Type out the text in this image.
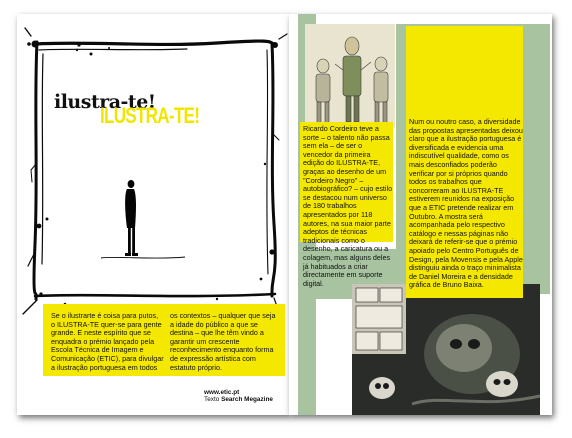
ilustra-te!
ILUSTRA-TE!
Se o ilustrarte é coisa para putos, o ILUSTRA-TE quer-se para gente grande. E neste espírito que se enquadra o prémio lançado pela Escola Técnica de Imagem e Comunicação (ETIC), para divulgar a ilustração portuguesa em todos
os contextos – qualquer que seja a idade do público a que se destina – que lhe têm vindo a garantir um crescente reconhecimento enquanto forma de expressão artística com estatuto próprio.
www.etic.pt
Texto Search Megazine
Ricardo Cordeiro teve a sorte – o talento não passa sem ela – de ser o vencedor da primeira edição do ILUSTRA-TE, graças ao desenho de um "Cordeiro Negro" – autobiográfico? – cujo estilo se destacou num universo de 180 trabalhos apresentados por 118 autores, na sua maior parte adeptos de técnicas tradicionais como o desenho, a caricatura ou a colagem, mas alguns deles já habituados a criar directamente em suporte digital.
Num ou noutro caso, a diversidade das propostas apresentadas deixou claro que a ilustração portuguesa é diversificada e evidencia uma indiscutível qualidade, como os mais desconfiados poderão verificar por si próprios quando todos os trabalhos que concorreram ao ILUSTRA-TE estiverem reunidos na exposição que a ETIC pretende realizar em Outubro. A mostra será acompanhada pelo respectivo catálogo e nessas páginas não deixará de referir-se que o prémio apoiado pelo Centro Português de Design, pela Movensis e pela Apple distinguiu ainda o traço minimalista de Daniel Moreira e a densidade gráfica de Bruno Baixa.
